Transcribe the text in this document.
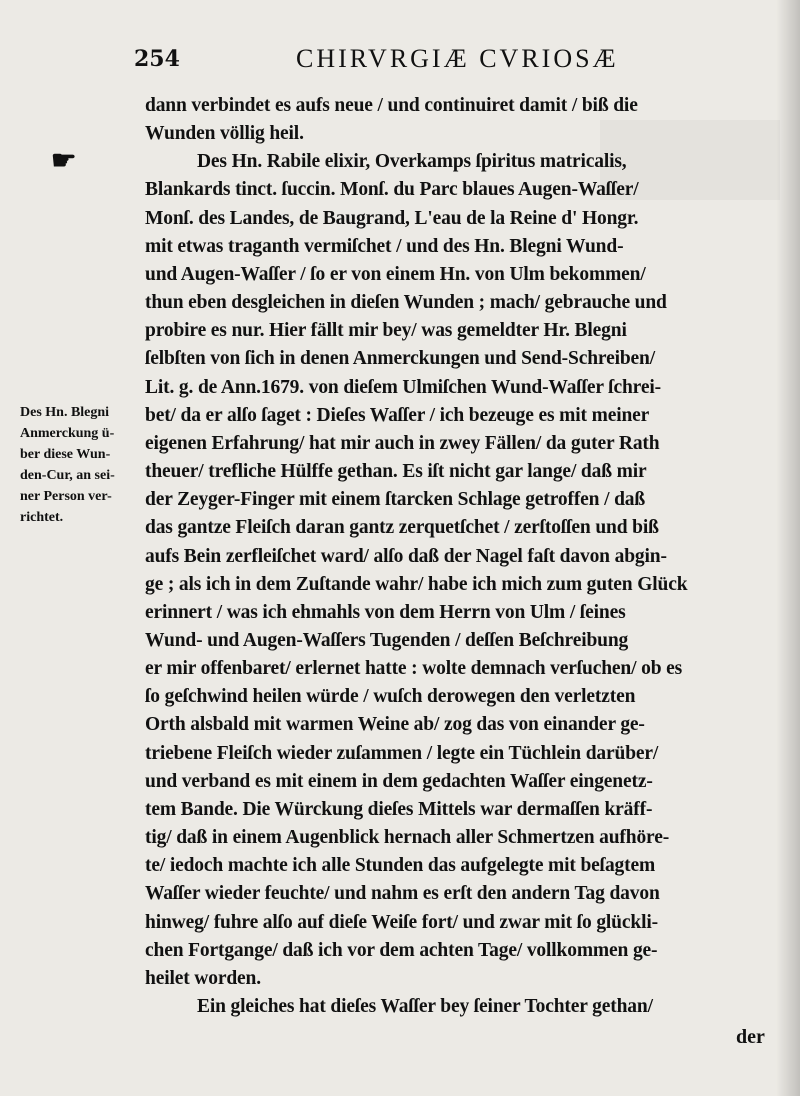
254	CHIRVRGIÆ CVRIOSÆ
☛
Des Hn. Blegni
Anmerckung ü-
ber diese Wun-
den-Cur, an sei-
ner Person ver-
richtet.
dann verbindet es aufs neue / und continuiret damit / biß die
Wunden völlig heil.
Des Hn. Rabile elixir, Overkamps ſpiritus matricalis,
Blankards tinct. ſuccin. Monſ. du Parc blaues Augen-Waſſer/
Monſ. des Landes, de Baugrand, L'eau de la Reine d' Hongr.
mit etwas traganth vermiſchet / und des Hn. Blegni Wund-
und Augen-Waſſer / ſo er von einem Hn. von Ulm bekommen/
thun eben desgleichen in dieſen Wunden ; mach/ gebrauche und
probire es nur. Hier fällt mir bey/ was gemeldter Hr. Blegni
ſelbſten von ſich in denen Anmerckungen und Send-Schreiben/
Lit. g. de Ann.1679. von dieſem Ulmiſchen Wund-Waſſer ſchrei-
bet/ da er alſo ſaget : Dieſes Waſſer / ich bezeuge es mit meiner
eigenen Erfahrung/ hat mir auch in zwey Fällen/ da guter Rath
theuer/ trefliche Hülffe gethan. Es iſt nicht gar lange/ daß mir
der Zeyger-Finger mit einem ſtarcken Schlage getroffen / daß
das gantze Fleiſch daran gantz zerquetſchet / zerſtoſſen und biß
aufs Bein zerfleiſchet ward/ alſo daß der Nagel faſt davon abgin-
ge ; als ich in dem Zuſtande wahr/ habe ich mich zum guten Glück
erinnert / was ich ehmahls von dem Herrn von Ulm / ſeines
Wund- und Augen-Waſſers Tugenden / deſſen Beſchreibung
er mir offenbaret/ erlernet hatte : wolte demnach verſuchen/ ob es
ſo geſchwind heilen würde / wuſch derowegen den verletzten
Orth alsbald mit warmen Weine ab/ zog das von einander ge-
triebene Fleiſch wieder zuſammen / legte ein Tüchlein darüber/
und verband es mit einem in dem gedachten Waſſer eingenetz-
tem Bande. Die Würckung dieſes Mittels war dermaſſen kräff-
tig/ daß in einem Augenblick hernach aller Schmertzen aufhöre-
te/ iedoch machte ich alle Stunden das aufgelegte mit beſagtem
Waſſer wieder feuchte/ und nahm es erſt den andern Tag davon
hinweg/ fuhre alſo auf dieſe Weiſe fort/ und zwar mit ſo glückli-
chen Fortgange/ daß ich vor dem achten Tage/ vollkommen ge-
heilet worden.
Ein gleiches hat dieſes Waſſer bey ſeiner Tochter gethan/
der
